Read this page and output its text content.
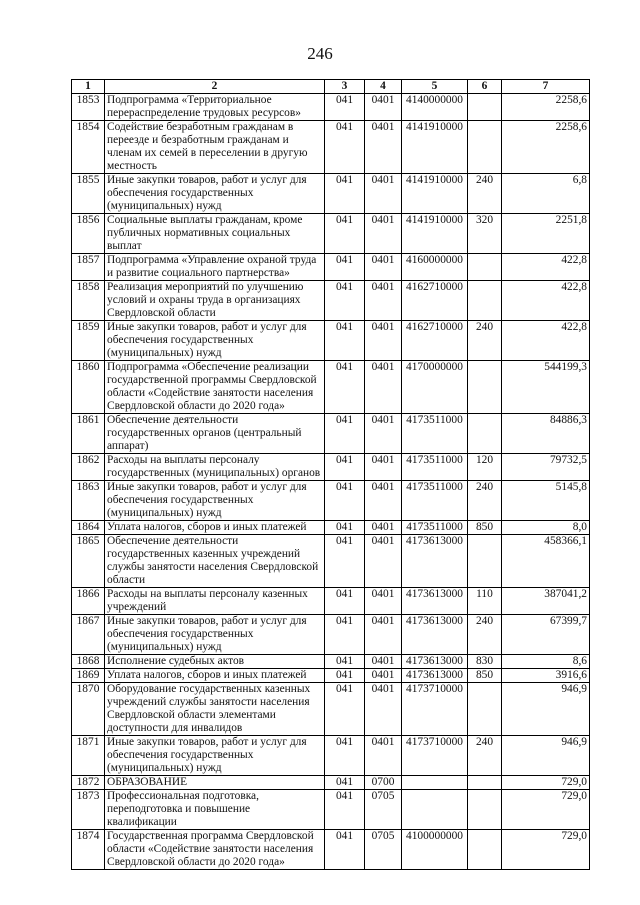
246
1	2	3	4	5	6	7
1853	Подпрограмма «Территориальное перераспределение трудовых ресурсов»	041	0401	4140000000		2258,6
1854	Содействие безработным гражданам в переезде и безработным гражданам и членам их семей в переселении в другую местность	041	0401	4141910000		2258,6
1855	Иные закупки товаров, работ и услуг для обеспечения государственных (муниципальных) нужд	041	0401	4141910000	240	6,8
1856	Социальные выплаты гражданам, кроме публичных нормативных социальных выплат	041	0401	4141910000	320	2251,8
1857	Подпрограмма «Управление охраной труда и развитие социального партнерства»	041	0401	4160000000		422,8
1858	Реализация мероприятий по улучшению условий и охраны труда в организациях Свердловской области	041	0401	4162710000		422,8
1859	Иные закупки товаров, работ и услуг для обеспечения государственных (муниципальных) нужд	041	0401	4162710000	240	422,8
1860	Подпрограмма «Обеспечение реализации государственной программы Свердловской области «Содействие занятости населения Свердловской области до 2020 года»	041	0401	4170000000		544199,3
1861	Обеспечение деятельности государственных органов (центральный аппарат)	041	0401	4173511000		84886,3
1862	Расходы на выплаты персоналу государственных (муниципальных) органов	041	0401	4173511000	120	79732,5
1863	Иные закупки товаров, работ и услуг для обеспечения государственных (муниципальных) нужд	041	0401	4173511000	240	5145,8
1864	Уплата налогов, сборов и иных платежей	041	0401	4173511000	850	8,0
1865	Обеспечение деятельности государственных казенных учреждений службы занятости населения Свердловской области	041	0401	4173613000		458366,1
1866	Расходы на выплаты персоналу казенных учреждений	041	0401	4173613000	110	387041,2
1867	Иные закупки товаров, работ и услуг для обеспечения государственных (муниципальных) нужд	041	0401	4173613000	240	67399,7
1868	Исполнение судебных актов	041	0401	4173613000	830	8,6
1869	Уплата налогов, сборов и иных платежей	041	0401	4173613000	850	3916,6
1870	Оборудование государственных казенных учреждений службы занятости населения Свердловской области элементами доступности для инвалидов	041	0401	4173710000		946,9
1871	Иные закупки товаров, работ и услуг для обеспечения государственных (муниципальных) нужд	041	0401	4173710000	240	946,9
1872	ОБРАЗОВАНИЕ	041	0700			729,0
1873	Профессиональная подготовка, переподготовка и повышение квалификации	041	0705			729,0
1874	Государственная программа Свердловской области «Содействие занятости населения Свердловской области до 2020 года»	041	0705	4100000000		729,0
